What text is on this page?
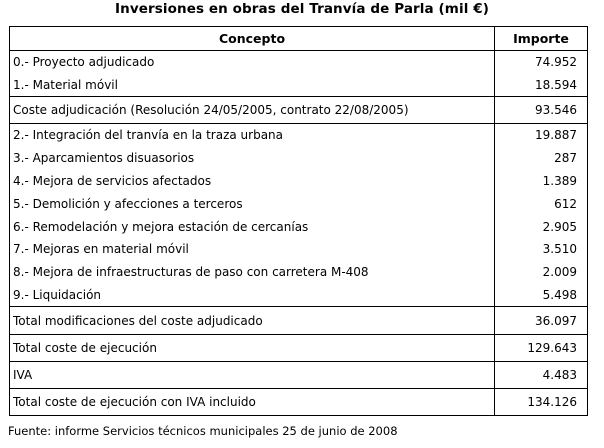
Inversiones en obras del Tranvía de Parla (mil €)
Concepto	Importe
0.- Proyecto adjudicado	74.952
1.- Material móvil	18.594
Coste adjudicación (Resolución 24/05/2005, contrato 22/08/2005)	93.546
2.- Integración del tranvía en la traza urbana	19.887
3.- Aparcamientos disuasorios	287
4.- Mejora de servicios afectados	1.389
5.- Demolición y afecciones a terceros	612
6.- Remodelación y mejora estación de cercanías	2.905
7.- Mejoras en material móvil	3.510
8.- Mejora de infraestructuras de paso con carretera M-408	2.009
9.- Liquidación	5.498
Total modificaciones del coste adjudicado	36.097
Total coste de ejecución	129.643
IVA	4.483
Total coste de ejecución con IVA incluido	134.126
Fuente: informe Servicios técnicos municipales 25 de junio de 2008
